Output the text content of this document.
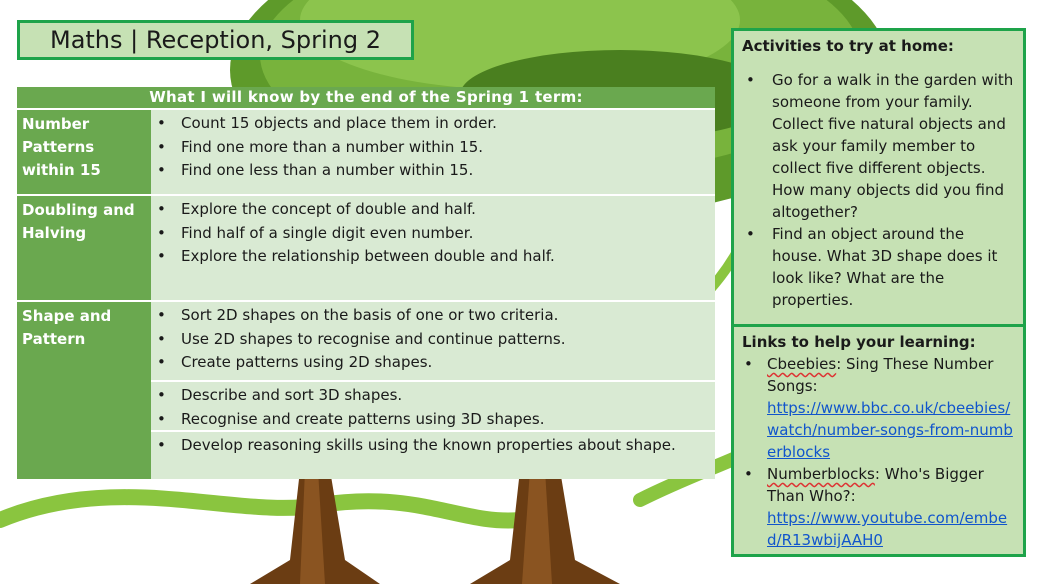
Maths | Reception, Spring 2
What I will know by the end of the Spring 1 term:
Number Patterns within 15
• Count 15 objects and place them in order.
• Find one more than a number within 15.
• Find one less than a number within 15.
Doubling and Halving
• Explore the concept of double and half.
• Find half of a single digit even number.
• Explore the relationship between double and half.
Shape and Pattern
• Sort 2D shapes on the basis of one or two criteria.
• Use 2D shapes to recognise and continue patterns.
• Create patterns using 2D shapes.
• Describe and sort 3D shapes.
• Recognise and create patterns using 3D shapes.
• Develop reasoning skills using the known properties about shape.
Activities to try at home:
• Go for a walk in the garden with someone from your family. Collect five natural objects and ask your family member to collect five different objects. How many objects did you find altogether?
• Find an object around the house. What 3D shape does it look like? What are the properties.
Links to help your learning:
• Cbeebies: Sing These Number Songs:
https://www.bbc.co.uk/cbeebies/watch/number-songs-from-numberblocks
• Numberblocks: Who's Bigger Than Who?:
https://www.youtube.com/embed/R13wbijAAH0
